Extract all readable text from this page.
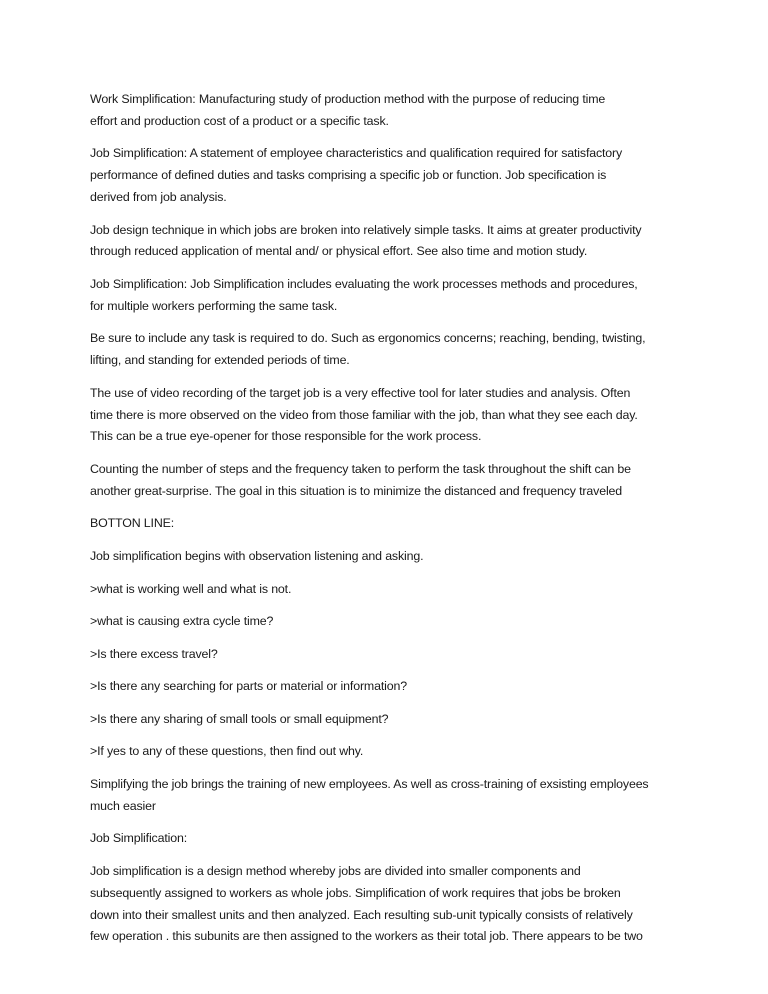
Work Simplification: Manufacturing study of production method with the purpose of reducing time
effort and production cost of a product or a specific task.

Job Simplification: A statement of employee characteristics and qualification required for satisfactory
performance of defined duties and tasks comprising a specific job or function. Job specification is
derived from job analysis.

Job design technique in which jobs are broken into relatively simple tasks. It aims at greater productivity
through reduced application of mental and/ or physical effort. See also time and motion study.

Job Simplification: Job Simplification includes evaluating the work processes methods and procedures,
for multiple workers performing the same task.

Be sure to include any task is required to do. Such as ergonomics concerns; reaching, bending, twisting,
lifting, and standing for extended periods of time.

The use of video recording of the target job is a very effective tool for later studies and analysis. Often
time there is more observed on the video from those familiar with the job, than what they see each day.
This can be a true eye-opener for those responsible for the work process.

Counting the number of steps and the frequency taken to perform the task throughout the shift can be
another great-surprise. The goal in this situation is to minimize the distanced and frequency traveled

BOTTON LINE:

Job simplification begins with observation listening and asking.

>what is working well and what is not.

>what is causing extra cycle time?

>Is there excess travel?

>Is there any searching for parts or material or information?

>Is there any sharing of small tools or small equipment?

>If yes to any of these questions, then find out why.

Simplifying the job brings the training of new employees. As well as cross-training of exsisting employees
much easier

Job Simplification:

Job simplification is a design method whereby jobs are divided into smaller components and
subsequently assigned to workers as whole jobs. Simplification of work requires that jobs be broken
down into their smallest units and then analyzed. Each resulting sub-unit typically consists of relatively
few operation . this subunits are then assigned to the workers as their total job. There appears to be two
